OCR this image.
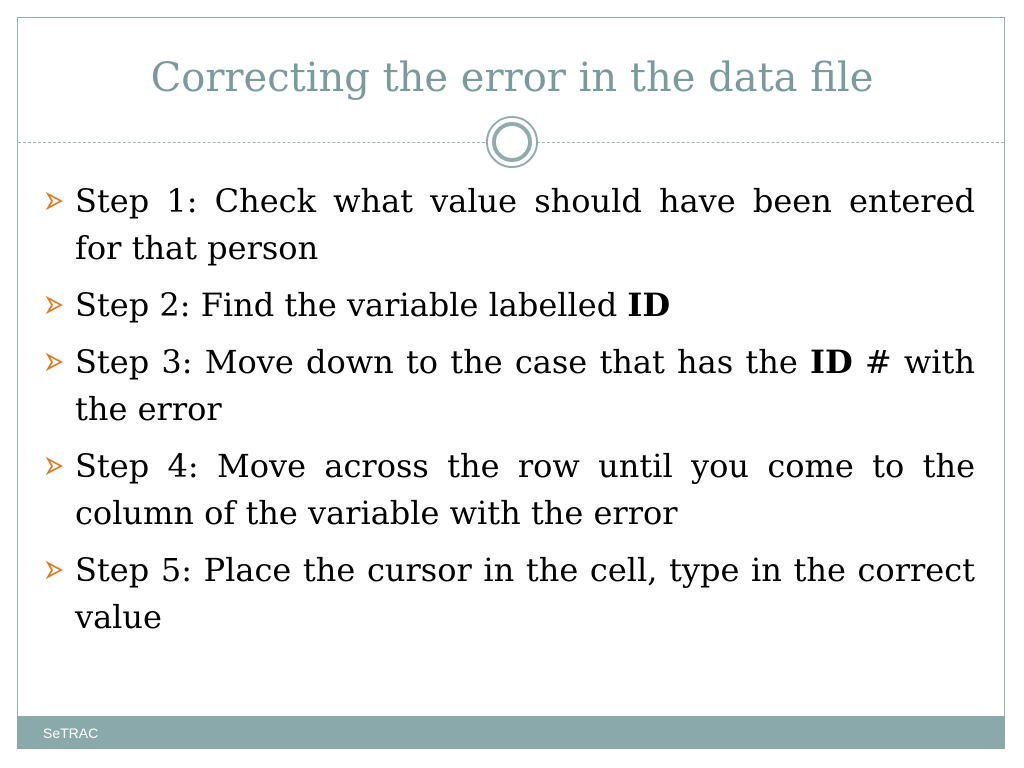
Correcting the error in the data file
Step 1: Check what value should have been entered for that person
Step 2: Find the variable labelled ID
Step 3: Move down to the case that has the ID # with the error
Step 4: Move across the row until you come to the column of the variable with the error
Step 5: Place the cursor in the cell, type in the correct value
SeTRAC
